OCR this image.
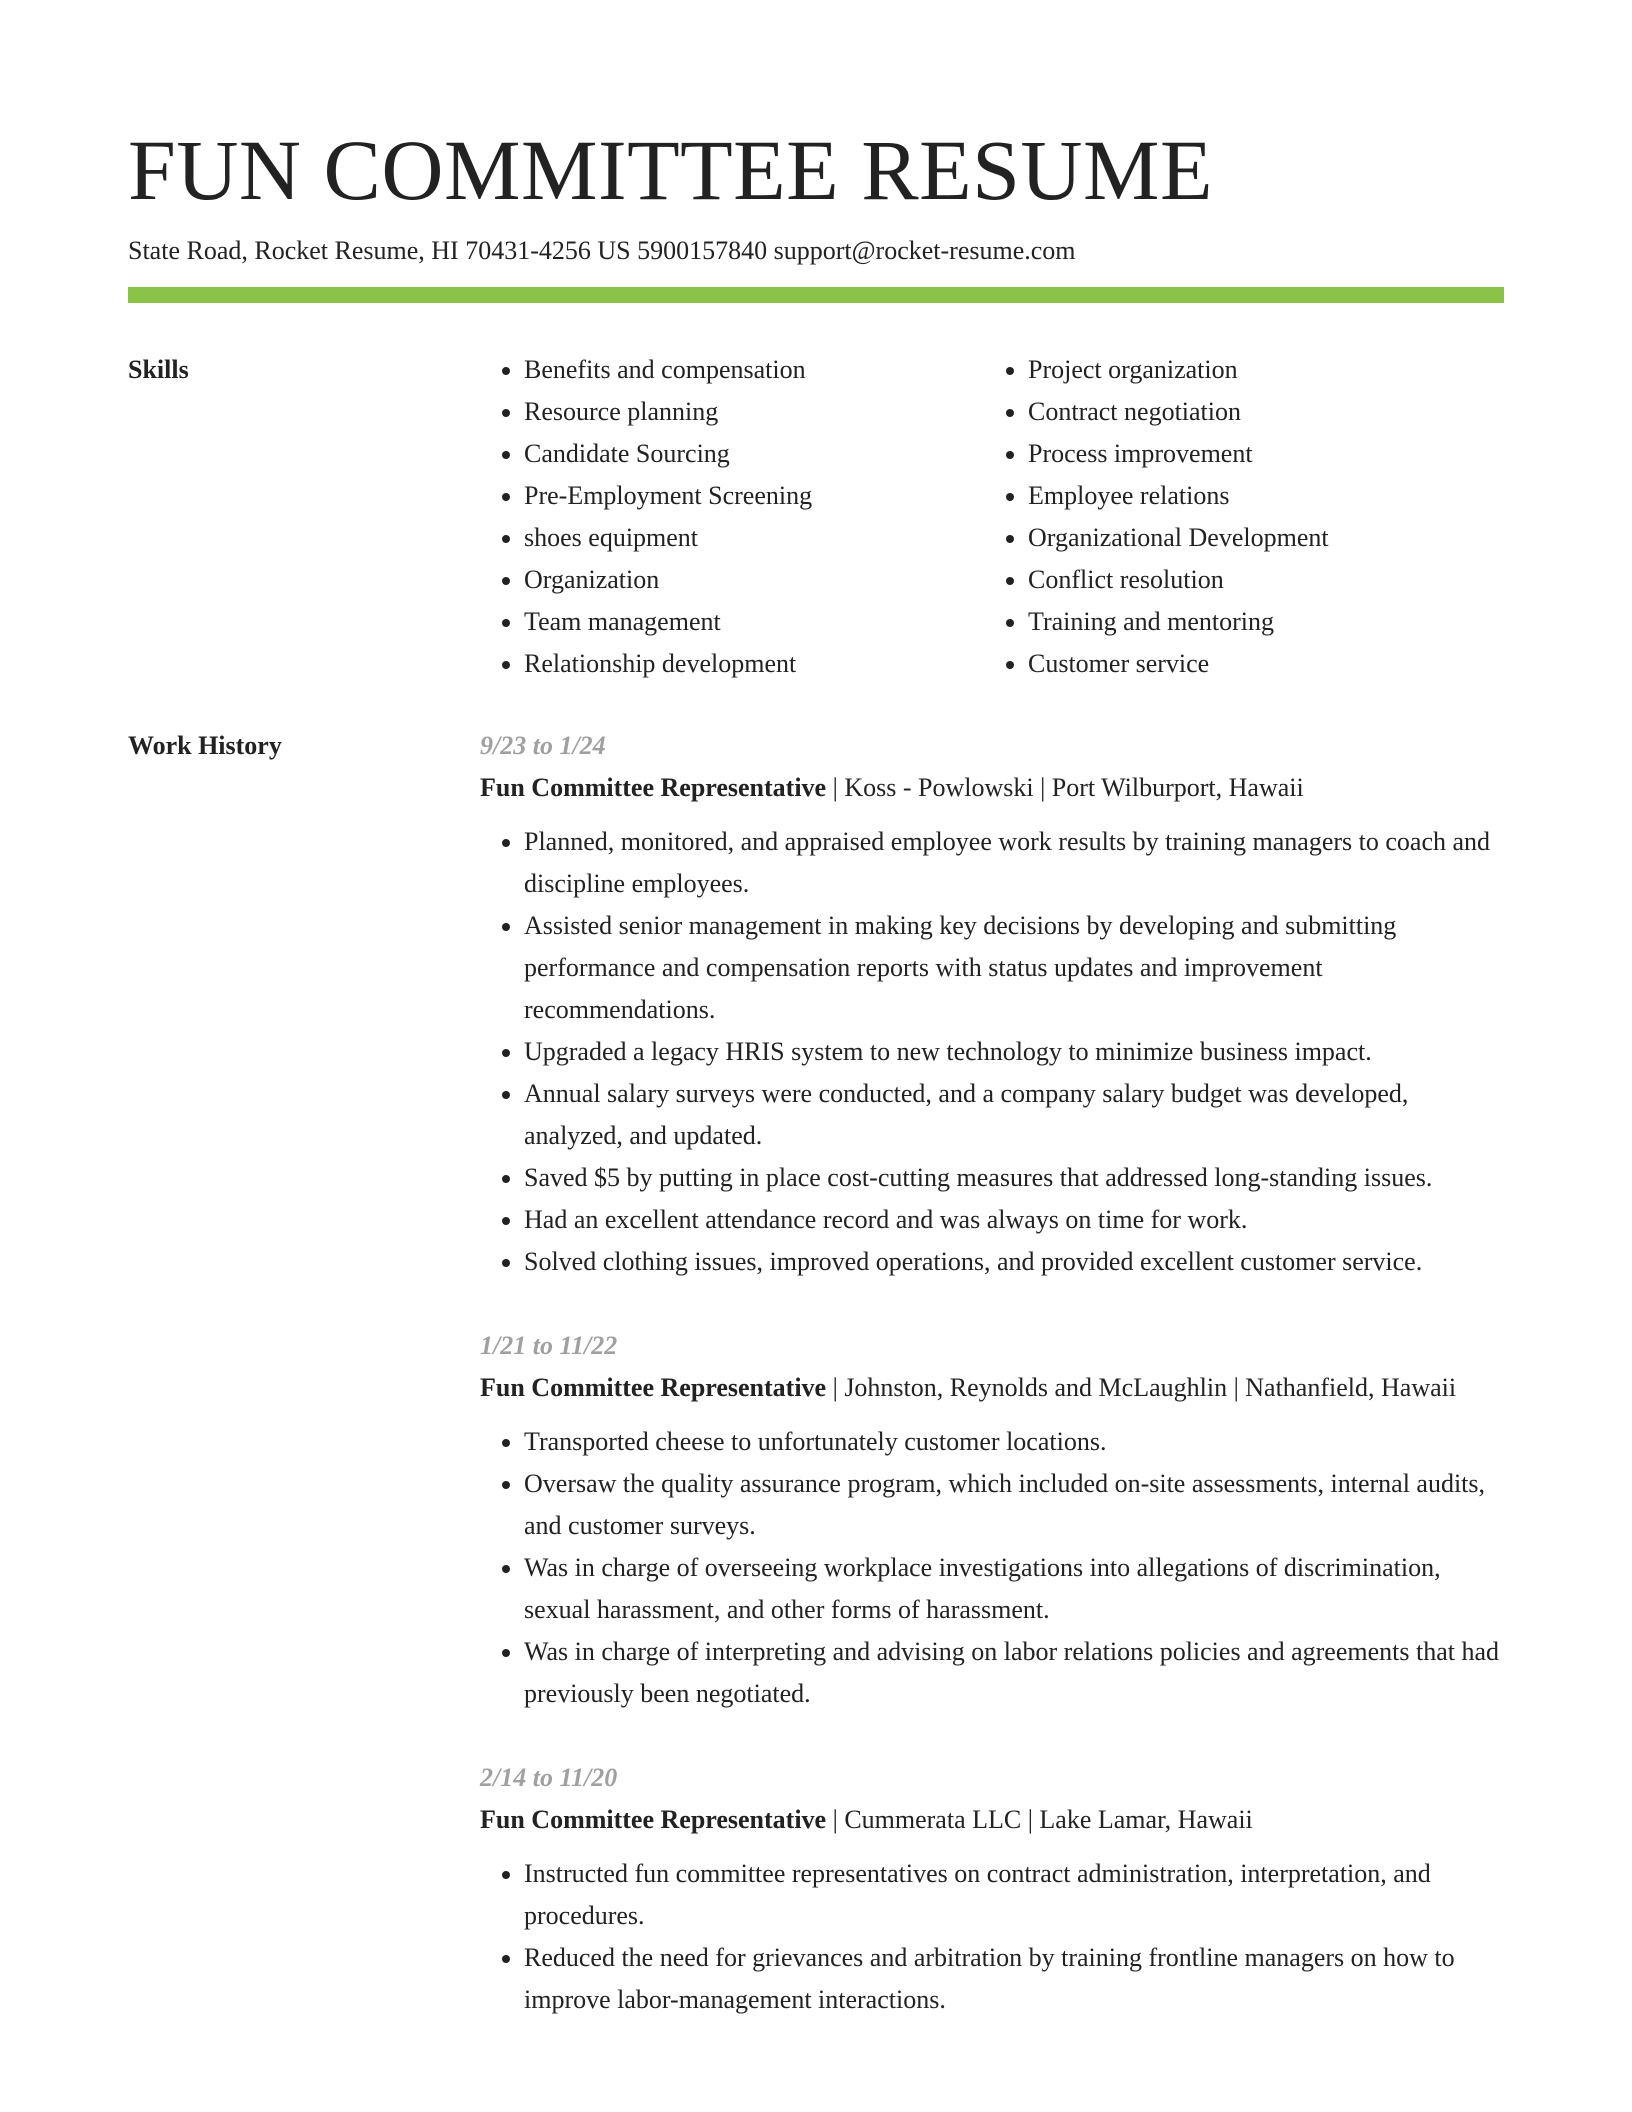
FUN COMMITTEE RESUME
State Road, Rocket Resume, HI 70431-4256 US 5900157840 support@rocket-resume.com
Skills
•	Benefits and compensation
• Resource planning
• Candidate Sourcing
• Pre-Employment Screening
• shoes equipment
• Organization
• Team management
• Relationship development
• Project organization
• Contract negotiation
• Process improvement
• Employee relations
• Organizational Development
• Conflict resolution
• Training and mentoring
• Customer service
Work History	9/23 to 1/24
Fun Committee Representative | Koss - Powlowski | Port Wilburport, Hawaii
• Planned, monitored, and appraised employee work results by training managers to coach and discipline employees.
• Assisted senior management in making key decisions by developing and submitting performance and compensation reports with status updates and improvement recommendations.
• Upgraded a legacy HRIS system to new technology to minimize business impact.
• Annual salary surveys were conducted, and a company salary budget was developed, analyzed, and updated.
• Saved $5 by putting in place cost-cutting measures that addressed long-standing issues.
• Had an excellent attendance record and was always on time for work.
• Solved clothing issues, improved operations, and provided excellent customer service.
1/21 to 11/22
Fun Committee Representative | Johnston, Reynolds and McLaughlin | Nathanfield, Hawaii
• Transported cheese to unfortunately customer locations.
• Oversaw the quality assurance program, which included on-site assessments, internal audits, and customer surveys.
• Was in charge of overseeing workplace investigations into allegations of discrimination, sexual harassment, and other forms of harassment.
• Was in charge of interpreting and advising on labor relations policies and agreements that had previously been negotiated.
2/14 to 11/20
Fun Committee Representative | Cummerata LLC | Lake Lamar, Hawaii
• Instructed fun committee representatives on contract administration, interpretation, and procedures.
• Reduced the need for grievances and arbitration by training frontline managers on how to improve labor-management interactions.
